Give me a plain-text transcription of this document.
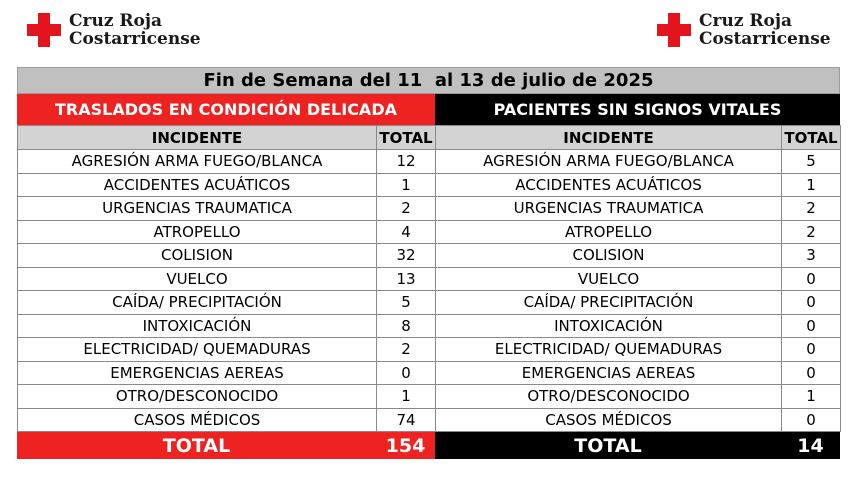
Cruz Roja
Costarricense
Cruz Roja
Costarricense
Fin de Semana del 11  al 13 de julio de 2025
TRASLADOS EN CONDICIÓN DELICADA
INCIDENTE	TOTAL
AGRESIÓN ARMA FUEGO/BLANCA	12
ACCIDENTES ACUÁTICOS	1
URGENCIAS TRAUMATICA	2
ATROPELLO	4
COLISION	32
VUELCO	13
CAÍDA/ PRECIPITACIÓN	5
INTOXICACIÓN	8
ELECTRICIDAD/ QUEMADURAS	2
EMERGENCIAS AEREAS	0
OTRO/DESCONOCIDO	1
CASOS MÉDICOS	74
TOTAL	154
PACIENTES SIN SIGNOS VITALES
INCIDENTE	TOTAL
AGRESIÓN ARMA FUEGO/BLANCA	5
ACCIDENTES ACUÁTICOS	1
URGENCIAS TRAUMATICA	2
ATROPELLO	2
COLISION	3
VUELCO	0
CAÍDA/ PRECIPITACIÓN	0
INTOXICACIÓN	0
ELECTRICIDAD/ QUEMADURAS	0
EMERGENCIAS AEREAS	0
OTRO/DESCONOCIDO	1
CASOS MÉDICOS	0
TOTAL	14
